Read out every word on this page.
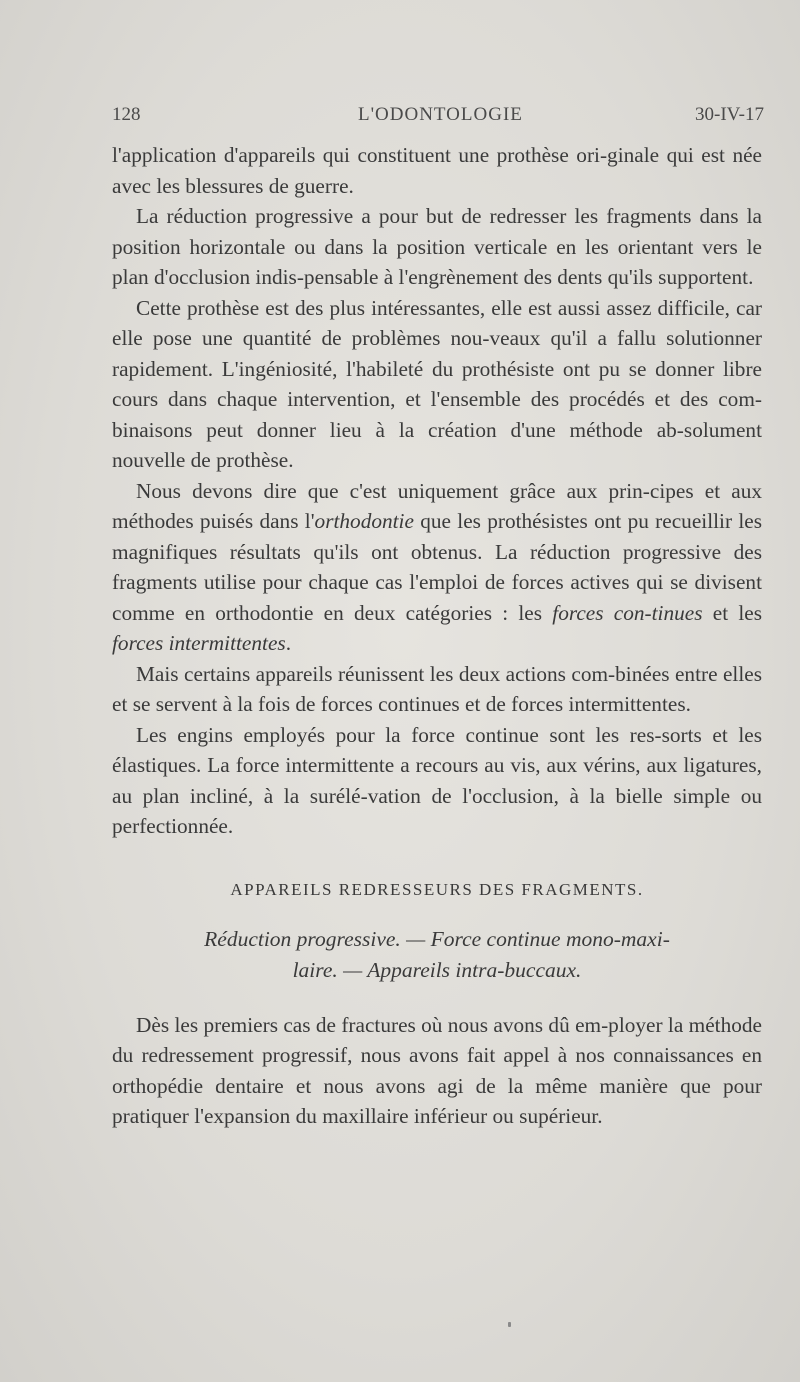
128	L'ODONTOLOGIE	30-IV-17

l'application d'appareils qui constituent une prothèse ori-ginale qui est née avec les blessures de guerre.

La réduction progressive a pour but de redresser les fragments dans la position horizontale ou dans la position verticale en les orientant vers le plan d'occlusion indis-pensable à l'engrènement des dents qu'ils supportent.

Cette prothèse est des plus intéressantes, elle est aussi assez difficile, car elle pose une quantité de problèmes nou-veaux qu'il a fallu solutionner rapidement. L'ingéniosité, l'habileté du prothésiste ont pu se donner libre cours dans chaque intervention, et l'ensemble des procédés et des com-binaisons peut donner lieu à la création d'une méthode ab-solument nouvelle de prothèse.

Nous devons dire que c'est uniquement grâce aux prin-cipes et aux méthodes puisés dans l'orthodontie que les prothésistes ont pu recueillir les magnifiques résultats qu'ils ont obtenus. La réduction progressive des fragments utilise pour chaque cas l'emploi de forces actives qui se divisent comme en orthodontie en deux catégories : les forces con-tinues et les forces intermittentes.

Mais certains appareils réunissent les deux actions com-binées entre elles et se servent à la fois de forces continues et de forces intermittentes.

Les engins employés pour la force continue sont les res-sorts et les élastiques. La force intermittente a recours au vis, aux vérins, aux ligatures, au plan incliné, à la surélé-vation de l'occlusion, à la bielle simple ou perfectionnée.

APPAREILS REDRESSEURS DES FRAGMENTS.
Réduction progressive. — Force continue mono-maxi-
laire. — Appareils intra-buccaux.

Dès les premiers cas de fractures où nous avons dû em-ployer la méthode du redressement progressif, nous avons fait appel à nos connaissances en orthopédie dentaire et nous avons agi de la même manière que pour pratiquer l'expansion du maxillaire inférieur ou supérieur.
